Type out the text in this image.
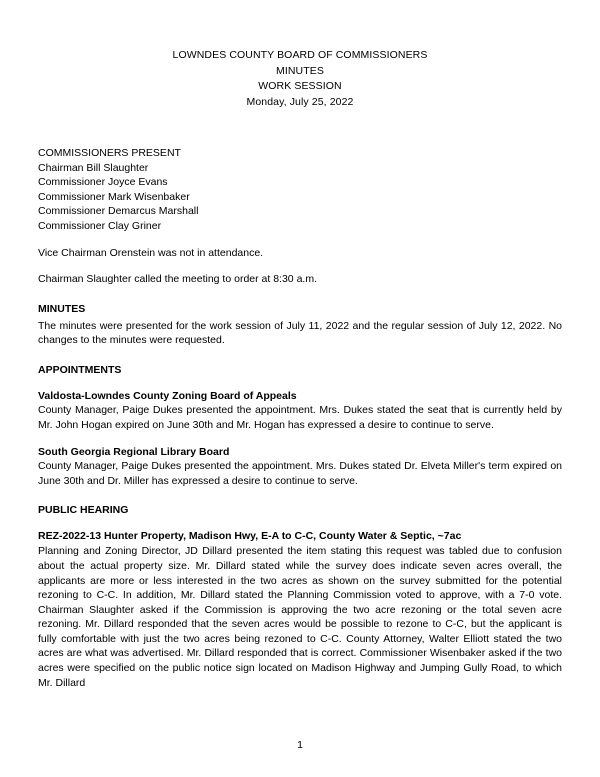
LOWNDES COUNTY BOARD OF COMMISSIONERS
MINUTES
WORK SESSION
Monday, July 25, 2022
COMMISSIONERS PRESENT
Chairman Bill Slaughter
Commissioner Joyce Evans
Commissioner Mark Wisenbaker
Commissioner Demarcus Marshall
Commissioner Clay Griner

Vice Chairman Orenstein was not in attendance.

Chairman Slaughter called the meeting to order at 8:30 a.m.

MINUTES

The minutes were presented for the work session of July 11, 2022 and the regular session of July 12, 2022. No changes to the minutes were requested.

APPOINTMENTS
Valdosta-Lowndes County Zoning Board of Appeals

County Manager, Paige Dukes presented the appointment. Mrs. Dukes stated the seat that is currently held by Mr. John Hogan expired on June 30th and Mr. Hogan has expressed a desire to continue to serve.

South Georgia Regional Library Board

County Manager, Paige Dukes presented the appointment. Mrs. Dukes stated Dr. Elveta Miller's term expired on June 30th and Dr. Miller has expressed a desire to continue to serve.

PUBLIC HEARING
REZ-2022-13 Hunter Property, Madison Hwy, E-A to C-C, County Water & Septic, ~7ac

Planning and Zoning Director, JD Dillard presented the item stating this request was tabled due to confusion about the actual property size. Mr. Dillard stated while the survey does indicate seven acres overall, the applicants are more or less interested in the two acres as shown on the survey submitted for the potential rezoning to C-C. In addition, Mr. Dillard stated the Planning Commission voted to approve, with a 7-0 vote. Chairman Slaughter asked if the Commission is approving the two acre rezoning or the total seven acre rezoning. Mr. Dillard responded that the seven acres would be possible to rezone to C-C, but the applicant is fully comfortable with just the two acres being rezoned to C-C. County Attorney, Walter Elliott stated the two acres are what was advertised. Mr. Dillard responded that is correct. Commissioner Wisenbaker asked if the two acres were specified on the public notice sign located on Madison Highway and Jumping Gully Road, to which Mr. Dillard

1
